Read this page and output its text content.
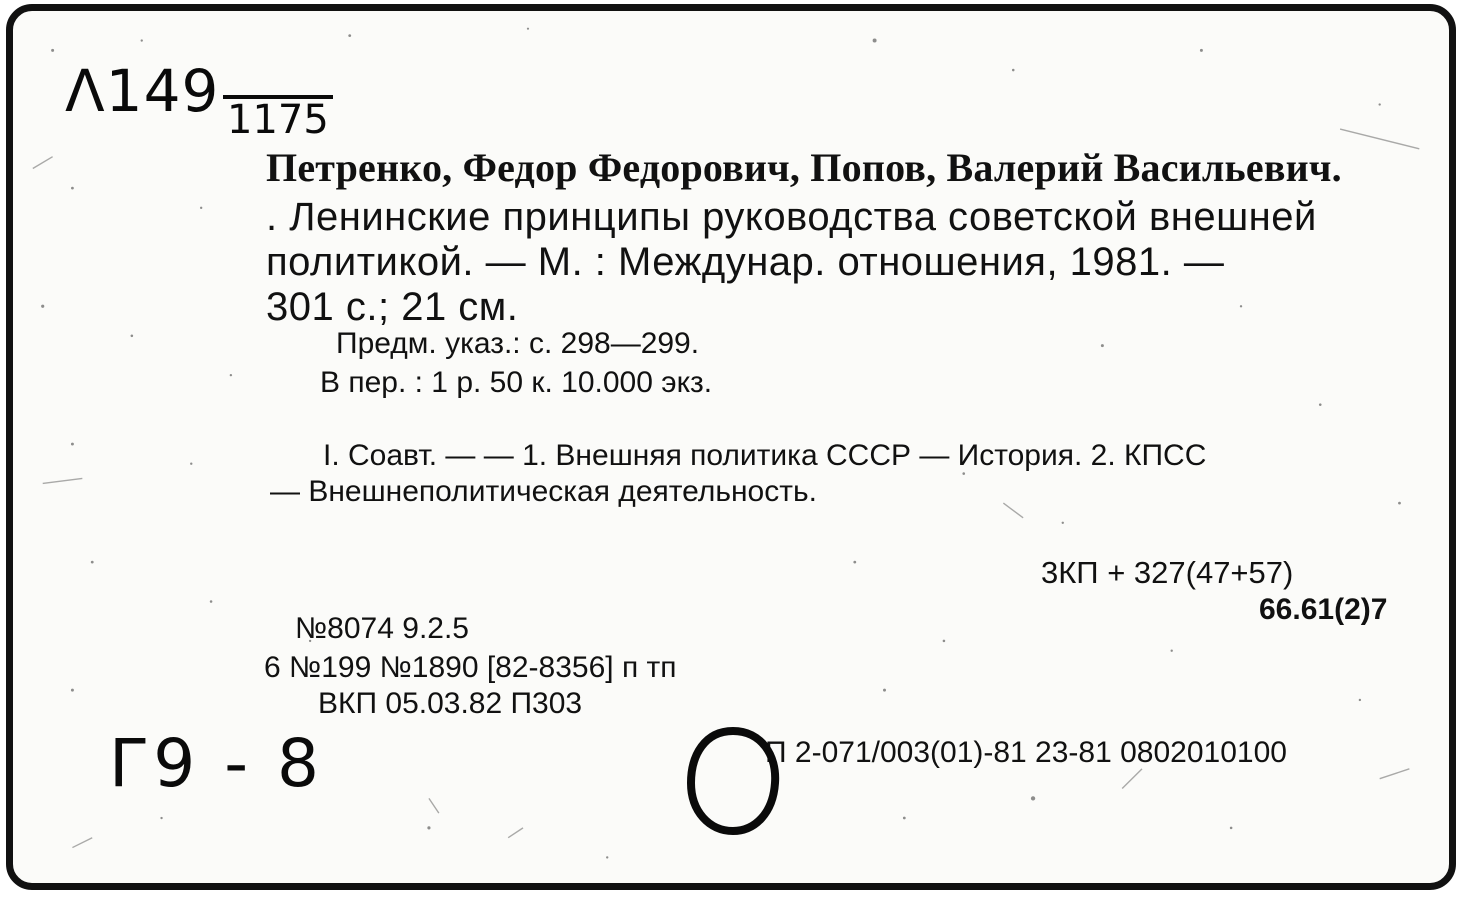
Λ149 1175
Петренко, Федор Федорович, Попов, Валерий Васильевич.
. Ленинские принципы руководства советской внешней
политикой. — М. : Междунар. отношения, 1981. —
301 с.; 21 см.
Предм. указ.: с. 298—299.
В пер. : 1 р. 50 к. 10.000 экз.
I. Соавт. — — 1. Внешняя политика СССР — История. 2. КПСС
— Внешнеполитическая деятельность.
3КП + 327(47+57)
66.61(2)7
№8074 9.2.5
6 №199 №1890 [82-8356] п тп
ВКП 05.03.82 П303
П 2-071/003(01)-81 23-81 0802010100
Г9 - 8
